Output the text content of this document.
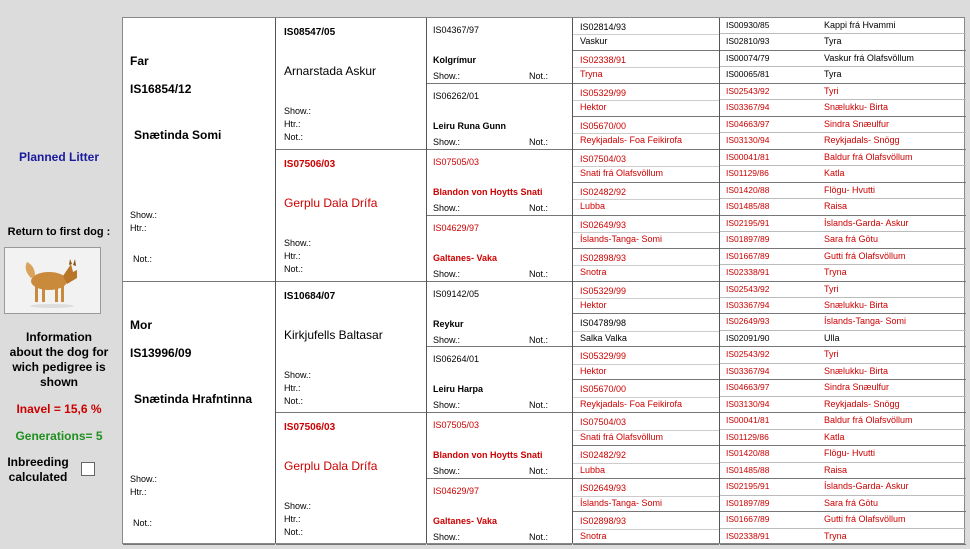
Planned Litter
Return to first dog :
Information
about the dog for
wich pedigree is
shown
Inavel = 15,6 %
Generations= 5
Inbreeding
calculated
Far
IS16854/12
Snætinda Somi
Show.:
Htr.:
Not.:
Mor
IS13996/09
Snætinda Hrafntinna
Show.:
Htr.:
Not.:
IS08547/05
Arnarstada Askur
Show.:
Htr.:
Not.:
IS07506/03
Gerplu Dala Drífa
Show.:
Htr.:
Not.:
IS10684/07
Kirkjufells Baltasar
Show.:
Htr.:
Not.:
IS07506/03
Gerplu Dala Drífa
Show.:
Htr.:
Not.:
IS04367/97
Kolgrímur
Show.:	Not.:
IS06262/01
Leiru Runa Gunn
Show.:	Not.:
IS07505/03
Blandon von Hoytts Snati
Show.:	Not.:
IS04629/97
Galtanes- Vaka
Show.:	Not.:
IS09142/05
Reykur
Show.:	Not.:
IS06264/01
Leiru Harpa
Show.:	Not.:
IS07505/03
Blandon von Hoytts Snati
Show.:	Not.:
IS04629/97
Galtanes- Vaka
Show.:	Not.:
IS02814/93
Vaskur
IS02338/91
Tryna
IS05329/99
Hektor
IS05670/00
Reykjadals- Foa Feikirofa
IS07504/03
Snati frá Olafsvöllum
IS02482/92
Lubba
IS02649/93
Íslands-Tanga- Somi
IS02898/93
Snotra
IS05329/99
Hektor
IS04789/98
Salka Valka
IS05329/99
Hektor
IS05670/00
Reykjadals- Foa Feikirofa
IS07504/03
Snati frá Olafsvöllum
IS02482/92
Lubba
IS02649/93
Íslands-Tanga- Somi
IS02898/93
Snotra
IS00930/85	Kappi frá Hvammi
IS02810/93	Tyra
IS00074/79	Vaskur frá Olafsvöllum
IS00065/81	Tyra
IS02543/92	Tyri
IS03367/94	Snælukku- Birta
IS04663/97	Sindra Snæulfur
IS03130/94	Reykjadals- Snögg
IS00041/81	Baldur frá Olafsvöllum
IS01129/86	Katla
IS01420/88	Flögu- Hvutti
IS01485/88	Raisa
IS02195/91	Íslands-Garda- Askur
IS01897/89	Sara frá Götu
IS01667/89	Gutti frá Olafsvöllum
IS02338/91	Tryna
IS02543/92	Tyri
IS03367/94	Snælukku- Birta
IS02649/93	Íslands-Tanga- Somi
IS02091/90	Ulla
IS02543/92	Tyri
IS03367/94	Snælukku- Birta
IS04663/97	Sindra Snæulfur
IS03130/94	Reykjadals- Snögg
IS00041/81	Baldur frá Olafsvöllum
IS01129/86	Katla
IS01420/88	Flögu- Hvutti
IS01485/88	Raisa
IS02195/91	Íslands-Garda- Askur
IS01897/89	Sara frá Götu
IS01667/89	Gutti frá Olafsvöllum
IS02338/91	Tryna
